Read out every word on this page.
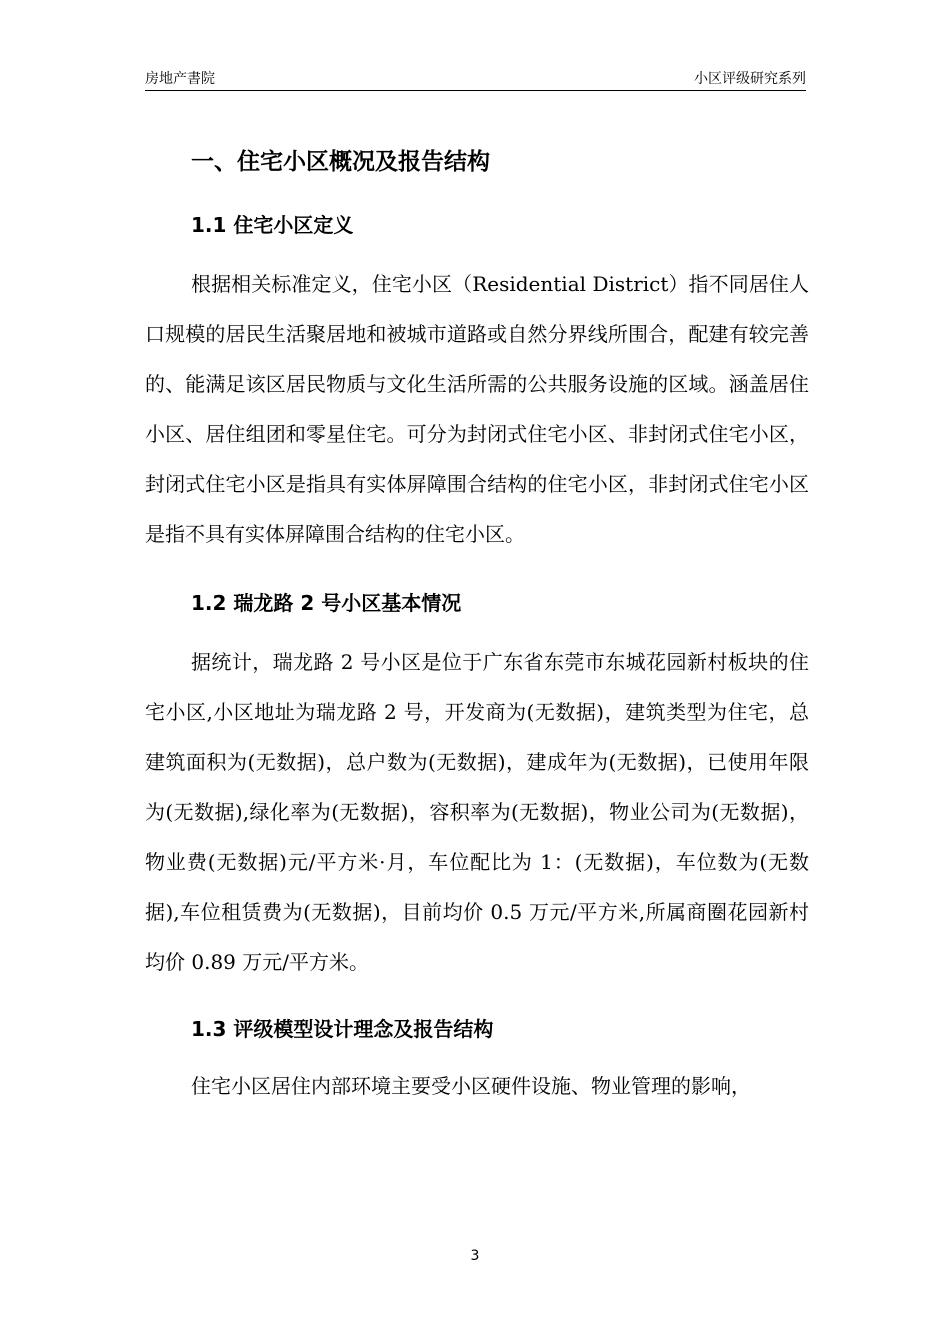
房地产書院	小区评级研究系列
一、住宅小区概况及报告结构
1.1 住宅小区定义

根据相关标准定义，住宅小区（Residential District）指不同居住人口规模的居民生活聚居地和被城市道路或自然分界线所围合，配建有较完善的、能满足该区居民物质与文化生活所需的公共服务设施的区域。涵盖居住小区、居住组团和零星住宅。可分为封闭式住宅小区、非封闭式住宅小区，封闭式住宅小区是指具有实体屏障围合结构的住宅小区，非封闭式住宅小区是指不具有实体屏障围合结构的住宅小区。

1.2 瑞龙路 2 号小区基本情况

据统计，瑞龙路 2 号小区是位于广东省东莞市东城花园新村板块的住宅小区,小区地址为瑞龙路 2 号，开发商为(无数据)，建筑类型为住宅，总建筑面积为(无数据)，总户数为(无数据)，建成年为(无数据)，已使用年限为(无数据),绿化率为(无数据)，容积率为(无数据)，物业公司为(无数据)，物业费(无数据)元/平方米·月，车位配比为 1：(无数据)，车位数为(无数据),车位租赁费为(无数据)，目前均价 0.5 万元/平方米,所属商圈花园新村均价 0.89 万元/平方米。

1.3 评级模型设计理念及报告结构

住宅小区居住内部环境主要受小区硬件设施、物业管理的影响，

3
